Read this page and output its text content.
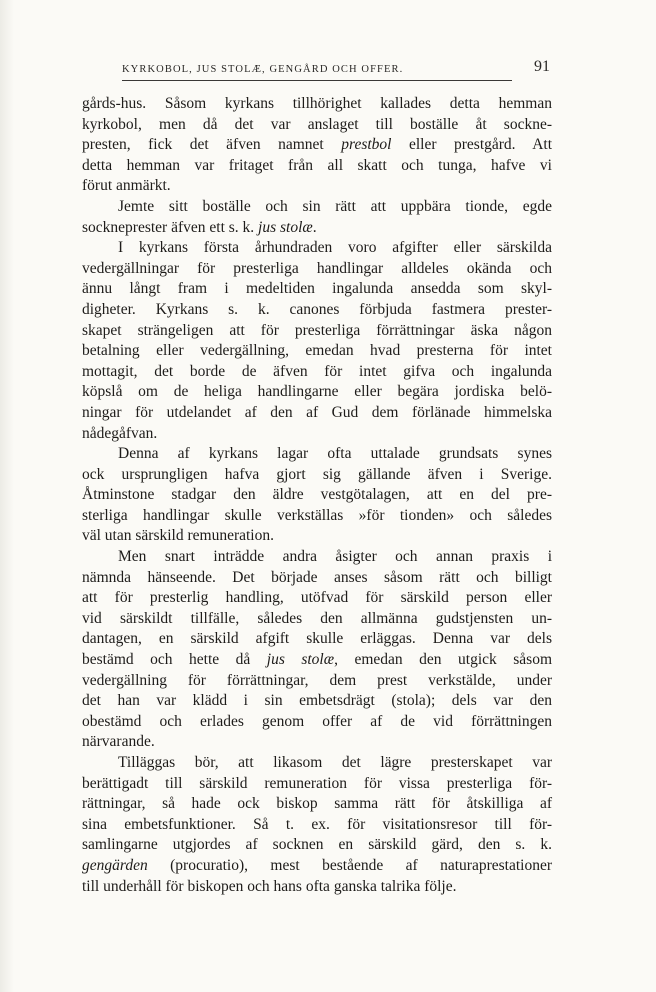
KYRKOBOL, JUS STOLÆ, GENGÅRD OCH OFFER.	91
gårds-hus. Såsom kyrkans tillhörighet kallades detta hemman
kyrkobol, men då det var anslaget till boställe åt sockne-
presten, fick det äfven namnet prestbol eller prestgård. Att
detta hemman var fritaget från all skatt och tunga, hafve vi
förut anmärkt.
Jemte sitt boställe och sin rätt att uppbära tionde, egde
sockneprester äfven ett s. k. jus stolæ.
I kyrkans första århundraden voro afgifter eller särskilda
vedergällningar för presterliga handlingar alldeles okända och
ännu långt fram i medeltiden ingalunda ansedda som skyl-
digheter. Kyrkans s. k. canones förbjuda fastmera prester-
skapet strängeligen att för presterliga förrättningar äska någon
betalning eller vedergällning, emedan hvad presterna för intet
mottagit, det borde de äfven för intet gifva och ingalunda
köpslå om de heliga handlingarne eller begära jordiska belö-
ningar för utdelandet af den af Gud dem förlänade himmelska
nådegåfvan.
Denna af kyrkans lagar ofta uttalade grundsats synes
ock ursprungligen hafva gjort sig gällande äfven i Sverige.
Åtminstone stadgar den äldre vestgötalagen, att en del pre-
sterliga handlingar skulle verkställas »för tionden» och således
väl utan särskild remuneration.
Men snart inträdde andra åsigter och annan praxis i
nämnda hänseende. Det började anses såsom rätt och billigt
att för presterlig handling, utöfvad för särskild person eller
vid särskildt tillfälle, således den allmänna gudstjensten un-
dantagen, en särskild afgift skulle erläggas. Denna var dels
bestämd och hette då jus stolæ, emedan den utgick såsom
vedergällning för förrättningar, dem prest verkstälde, under
det han var klädd i sin embetsdrägt (stola); dels var den
obestämd och erlades genom offer af de vid förrättningen
närvarande.
Tilläggas bör, att likasom det lägre presterskapet var
berättigadt till särskild remuneration för vissa presterliga för-
rättningar, så hade ock biskop samma rätt för åtskilliga af
sina embetsfunktioner. Så t. ex. för visitationsresor till för-
samlingarne utgjordes af socknen en särskild gärd, den s. k.
gengärden (procuratio), mest bestående af naturaprestationer
till underhåll för biskopen och hans ofta ganska talrika följe.
